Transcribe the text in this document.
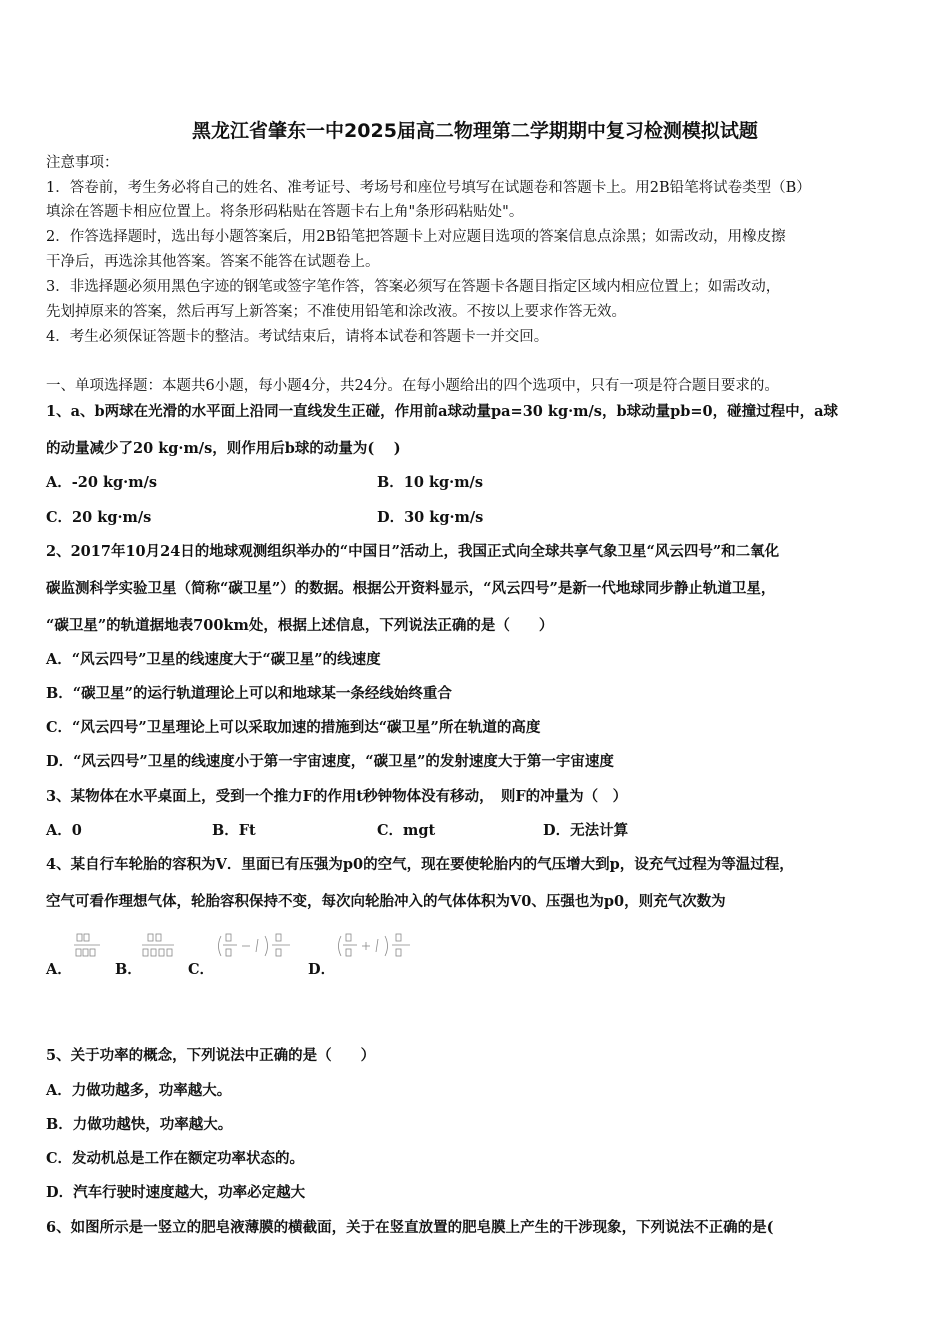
黑龙江省肇东一中2025届高二物理第二学期期中复习检测模拟试题
注意事项：
1．答卷前，考生务必将自己的姓名、准考证号、考场号和座位号填写在试题卷和答题卡上。用2B铅笔将试卷类型（B）
填涂在答题卡相应位置上。将条形码粘贴在答题卡右上角"条形码粘贴处"。
2．作答选择题时，选出每小题答案后，用2B铅笔把答题卡上对应题目选项的答案信息点涂黑；如需改动，用橡皮擦
干净后，再选涂其他答案。答案不能答在试题卷上。
3．非选择题必须用黑色字迹的钢笔或签字笔作答，答案必须写在答题卡各题目指定区域内相应位置上；如需改动，
先划掉原来的答案，然后再写上新答案；不准使用铅笔和涂改液。不按以上要求作答无效。
4．考生必须保证答题卡的整洁。考试结束后，请将本试卷和答题卡一并交回。
一、单项选择题：本题共6小题，每小题4分，共24分。在每小题给出的四个选项中，只有一项是符合题目要求的。
1、a、b两球在光滑的水平面上沿同一直线发生正碰，作用前a球动量pa=30 kg·m/s，b球动量pb=0，碰撞过程中，a球
的动量减少了20 kg·m/s，则作用后b球的动量为(　 )
A．-20 kg·m/s	B．10 kg·m/s
C．20 kg·m/s	D．30 kg·m/s
2、2017年10月24日的地球观测组织举办的“中国日”活动上，我国正式向全球共享气象卫星“风云四号”和二氧化
碳监测科学实验卫星（简称“碳卫星”）的数据。根据公开资料显示，“风云四号”是新一代地球同步静止轨道卫星，
“碳卫星”的轨道据地表700km处，根据上述信息，下列说法正确的是（　　）
A．“风云四号”卫星的线速度大于“碳卫星”的线速度
B．“碳卫星”的运行轨道理论上可以和地球某一条经线始终重合
C．“风云四号”卫星理论上可以采取加速的措施到达“碳卫星”所在轨道的高度
D．“风云四号”卫星的线速度小于第一宇宙速度，“碳卫星”的发射速度大于第一宇宙速度
3、某物体在水平桌面上，受到一个推力F的作用t秒钟物体没有移动，　则F的冲量为（　）
A．0	B．Ft	C．mgt	D．无法计算
4、某自行车轮胎的容积为V．里面已有压强为p0的空气，现在要使轮胎内的气压增大到p，设充气过程为等温过程，
空气可看作理想气体，轮胎容积保持不变，每次向轮胎冲入的气体体积为V0、压强也为p0，则充气次数为
A．	B．	C．	D．
5、关于功率的概念，下列说法中正确的是（　　）
A．力做功越多，功率越大。
B．力做功越快，功率越大。
C．发动机总是工作在额定功率状态的。
D．汽车行驶时速度越大，功率必定越大
6、如图所示是一竖立的肥皂液薄膜的横截面，关于在竖直放置的肥皂膜上产生的干涉现象，下列说法不正确的是(
